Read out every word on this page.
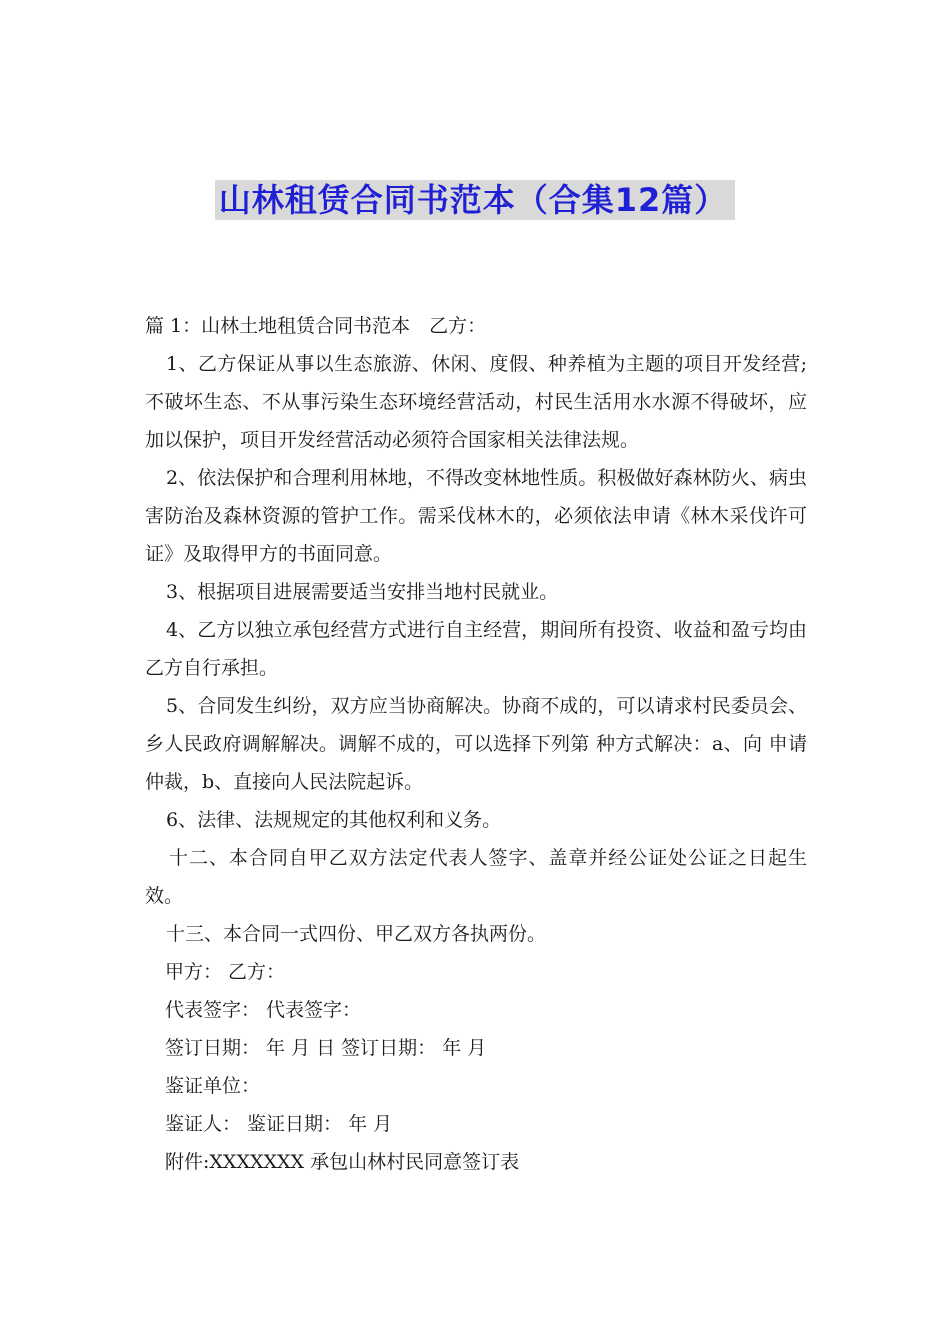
山林租赁合同书范本（合集12篇）

篇 1：山林土地租赁合同书范本　乙方：

1、乙方保证从事以生态旅游、休闲、度假、种养植为主题的项目开发经营;不破坏生态、不从事污染生态环境经营活动，村民生活用水水源不得破坏，应加以保护，项目开发经营活动必须符合国家相关法律法规。

2、依法保护和合理利用林地，不得改变林地性质。积极做好森林防火、病虫害防治及森林资源的管护工作。需采伐林木的，必须依法申请《林木采伐许可证》及取得甲方的书面同意。

3、根据项目进展需要适当安排当地村民就业。

4、乙方以独立承包经营方式进行自主经营，期间所有投资、收益和盈亏均由乙方自行承担。

5、合同发生纠纷，双方应当协商解决。协商不成的，可以请求村民委员会、乡人民政府调解解决。调解不成的，可以选择下列第 种方式解决：a、向 申请仲裁，b、直接向人民法院起诉。

6、法律、法规规定的其他权利和义务。

十二、本合同自甲乙双方法定代表人签字、盖章并经公证处公证之日起生效。

十三、本合同一式四份、甲乙双方各执两份。

甲方： 乙方：

代表签字： 代表签字：

签订日期： 年 月 日 签订日期： 年 月

鉴证单位：

鉴证人： 鉴证日期： 年 月

附件:XXXXXXX 承包山林村民同意签订表
